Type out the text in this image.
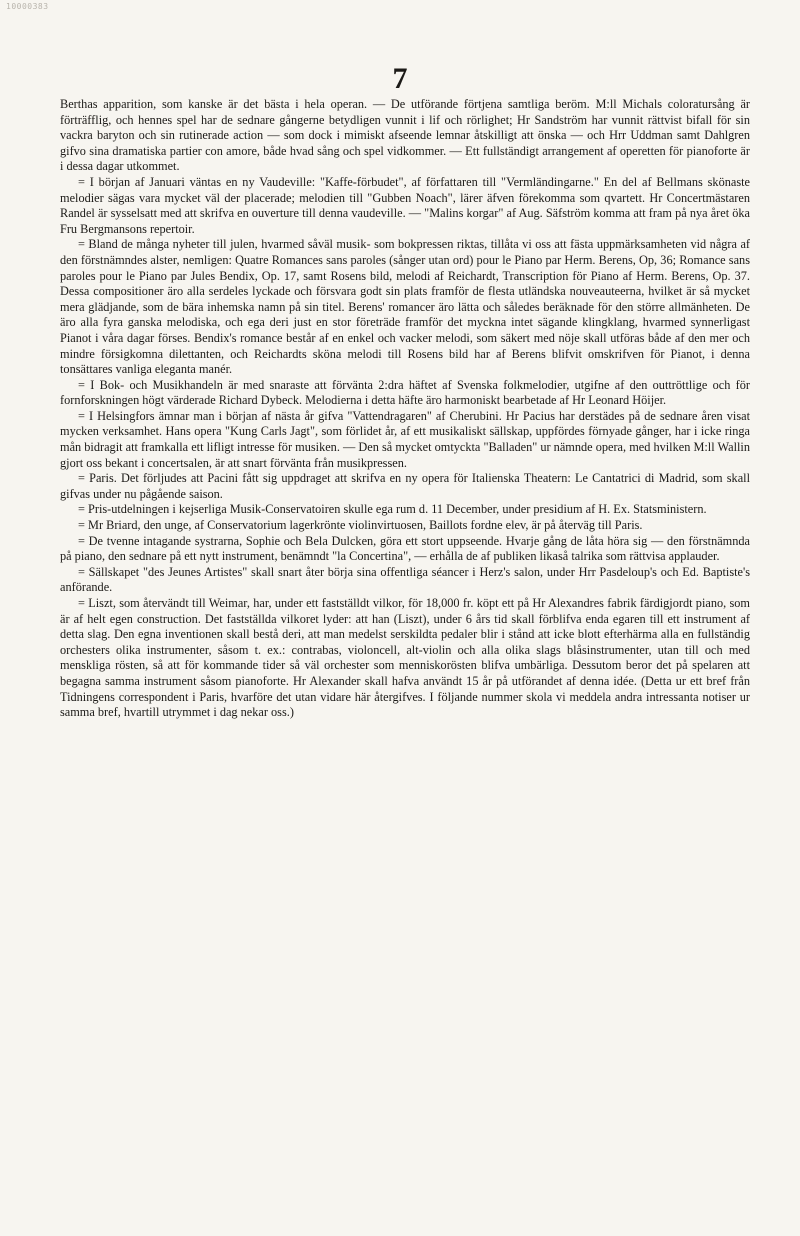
10000383
7

Berthas apparition, som kanske är det bästa i hela operan. — De utförande förtjena samtliga beröm. M:ll Michals coloratursång är förträfflig, och hennes spel har de sednare gångerne betydligen vunnit i lif och rörlighet; Hr Sandström har vunnit rättvist bifall för sin vackra baryton och sin rutinerade action — som dock i mimiskt afseende lemnar åtskilligt att önska — och Hrr Uddman samt Dahlgren gifvo sina dramatiska partier con amore, både hvad sång och spel vidkommer. — Ett fullständigt arrangement af operetten för pianoforte är i dessa dagar utkommet.

= I början af Januari väntas en ny Vaudeville: "Kaffe-förbudet", af författaren till "Vermländingarne." En del af Bellmans skönaste melodier sägas vara mycket väl der placerade; melodien till "Gubben Noach", lärer äfven förekomma som qvartett. Hr Concertmästaren Randel är sysselsatt med att skrifva en ouverture till denna vaudeville. — "Malins korgar" af Aug. Säfström komma att fram på nya året öka Fru Bergmansons repertoir.

= Bland de många nyheter till julen, hvarmed såväl musik- som bokpressen riktas, tillåta vi oss att fästa uppmärksamheten vid några af den förstnämndes alster, nemligen: Quatre Romances sans paroles (sånger utan ord) pour le Piano par Herm. Berens, Op, 36; Romance sans paroles pour le Piano par Jules Bendix, Op. 17, samt Rosens bild, melodi af Reichardt, Transcription för Piano af Herm. Berens, Op. 37. Dessa compositioner äro alla serdeles lyckade och försvara godt sin plats framför de flesta utländska nouveauteerna, hvilket är så mycket mera glädjande, som de bära inhemska namn på sin titel. Berens' romancer äro lätta och således beräknade för den större allmänheten. De äro alla fyra ganska melodiska, och ega deri just en stor företräde framför det myckna intet sägande klingklang, hvarmed synnerligast Pianot i våra dagar förses. Bendix's romance består af en enkel och vacker melodi, som säkert med nöje skall utföras både af den mer och mindre försigkomna dilettanten, och Reichardts sköna melodi till Rosens bild har af Berens blifvit omskrifven för Pianot, i denna tonsättares vanliga eleganta manér.

= I Bok- och Musikhandeln är med snaraste att förvänta 2:dra häftet af Svenska folkmelodier, utgifne af den outtröttlige och för fornforskningen högt värderade Richard Dybeck. Melodierna i detta häfte äro harmoniskt bearbetade af Hr Leonard Höijer.

= I Helsingfors ämnar man i början af nästa år gifva "Vattendragaren" af Cherubini. Hr Pacius har derstädes på de sednare åren visat mycken verksamhet. Hans opera "Kung Carls Jagt", som förlidet år, af ett musikaliskt sällskap, uppfördes förnyade gånger, har i icke ringa mån bidragit att framkalla ett lifligt intresse för musiken. — Den så mycket omtyckta "Balladen" ur nämnde opera, med hvilken M:ll Wallin gjort oss bekant i concertsalen, är att snart förvänta från musikpressen.

= Paris. Det förljudes att Pacini fått sig uppdraget att skrifva en ny opera för Italienska Theatern: Le Cantatrici di Madrid, som skall gifvas under nu pågående saison.

= Pris-utdelningen i kejserliga Musik-Conservatoiren skulle ega rum d. 11 December, under presidium af H. Ex. Statsministern.

= Mr Briard, den unge, af Conservatorium lagerkrönte violinvirtuosen, Baillots fordne elev, är på återväg till Paris.

= De tvenne intagande systrarna, Sophie och Bela Dulcken, göra ett stort uppseende. Hvarje gång de låta höra sig — den förstnämnda på piano, den sednare på ett nytt instrument, benämndt "la Concertina", — erhålla de af publiken likaså talrika som rättvisa applauder.

= Sällskapet "des Jeunes Artistes" skall snart åter börja sina offentliga séancer i Herz's salon, under Hrr Pasdeloup's och Ed. Baptiste's anförande.

= Liszt, som återvändt till Weimar, har, under ett fastställdt vilkor, för 18,000 fr. köpt ett på Hr Alexandres fabrik färdigjordt piano, som är af helt egen construction. Det fastställda vilkoret lyder: att han (Liszt), under 6 års tid skall förblifva enda egaren till ett instrument af detta slag. Den egna inventionen skall bestå deri, att man medelst serskildta pedaler blir i stånd att icke blott efterhärma alla en fullständig orchesters olika instrumenter, såsom t. ex.: contrabas, violoncell, alt-violin och alla olika slags blåsinstrumenter, utan till och med menskliga rösten, så att för kommande tider så väl orchester som menniskorösten blifva umbärliga. Dessutom beror det på spelaren att begagna samma instrument såsom pianoforte. Hr Alexander skall hafva användt 15 år på utförandet af denna idée. (Detta ur ett bref från Tidningens correspondent i Paris, hvarföre det utan vidare här återgifves. I följande nummer skola vi meddela andra intressanta notiser ur samma bref, hvartill utrymmet i dag nekar oss.)
